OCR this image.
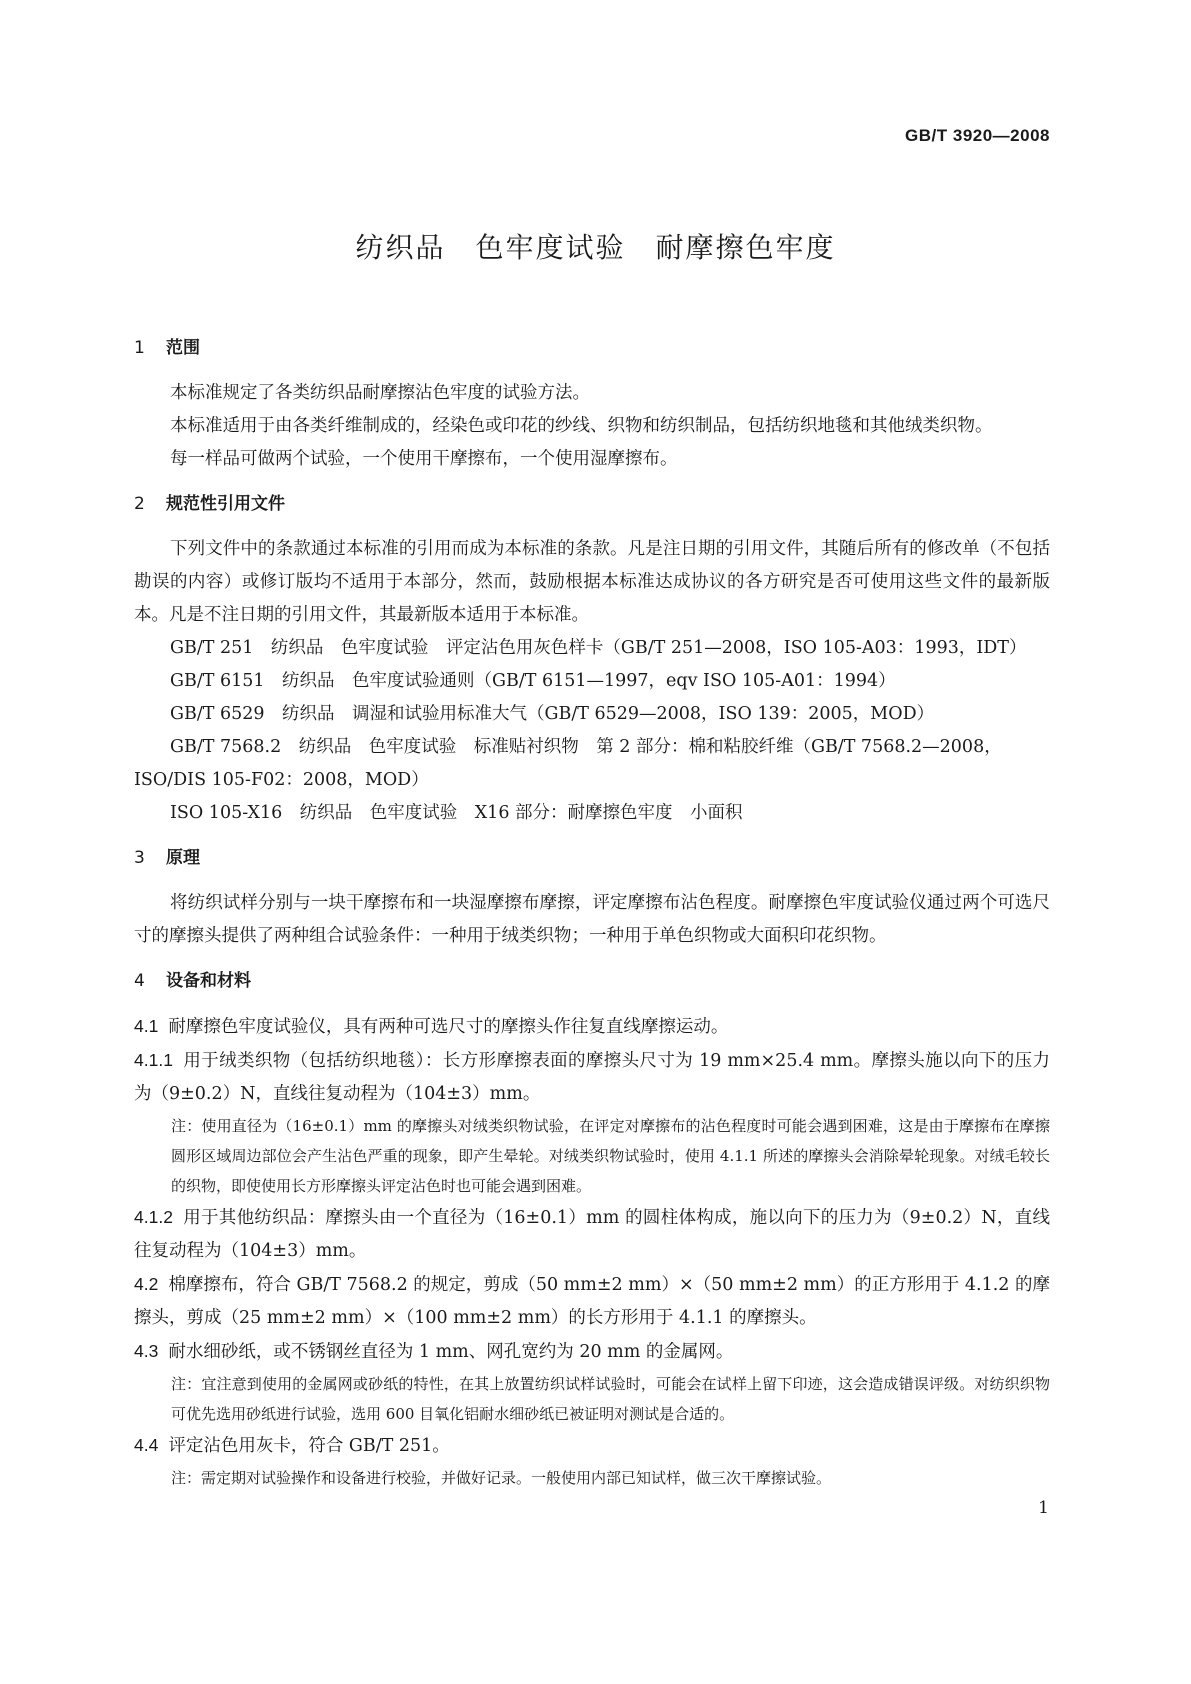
GB/T 3920—2008
纺织品　色牢度试验　耐摩擦色牢度
1 范围

本标准规定了各类纺织品耐摩擦沾色牢度的试验方法。

本标准适用于由各类纤维制成的，经染色或印花的纱线、织物和纺织制品，包括纺织地毯和其他绒类织物。

每一样品可做两个试验，一个使用干摩擦布，一个使用湿摩擦布。

2 规范性引用文件

下列文件中的条款通过本标准的引用而成为本标准的条款。凡是注日期的引用文件，其随后所有的修改单（不包括勘误的内容）或修订版均不适用于本部分，然而，鼓励根据本标准达成协议的各方研究是否可使用这些文件的最新版本。凡是不注日期的引用文件，其最新版本适用于本标准。

GB/T 251　纺织品　色牢度试验　评定沾色用灰色样卡（GB/T 251—2008，ISO 105-A03：1993，IDT）

GB/T 6151　纺织品　色牢度试验通则（GB/T 6151—1997，eqv ISO 105-A01：1994）

GB/T 6529　纺织品　调湿和试验用标准大气（GB/T 6529—2008，ISO 139：2005，MOD）

GB/T 7568.2　纺织品　色牢度试验　标准贴衬织物　第 2 部分：棉和粘胶纤维（GB/T 7568.2—2008，ISO/DIS 105-F02：2008，MOD）

ISO 105-X16　纺织品　色牢度试验　X16 部分：耐摩擦色牢度　小面积

3 原理

将纺织试样分别与一块干摩擦布和一块湿摩擦布摩擦，评定摩擦布沾色程度。耐摩擦色牢度试验仪通过两个可选尺寸的摩擦头提供了两种组合试验条件：一种用于绒类织物；一种用于单色织物或大面积印花织物。

4 设备和材料

4.1 耐摩擦色牢度试验仪，具有两种可选尺寸的摩擦头作往复直线摩擦运动。

4.1.1 用于绒类织物（包括纺织地毯）：长方形摩擦表面的摩擦头尺寸为 19 mm×25.4 mm。摩擦头施以向下的压力为（9±0.2）N，直线往复动程为（104±3）mm。

注：使用直径为（16±0.1）mm 的摩擦头对绒类织物试验，在评定对摩擦布的沾色程度时可能会遇到困难，这是由于摩擦布在摩擦圆形区域周边部位会产生沾色严重的现象，即产生晕轮。对绒类织物试验时，使用 4.1.1 所述的摩擦头会消除晕轮现象。对绒毛较长的织物，即使使用长方形摩擦头评定沾色时也可能会遇到困难。

4.1.2 用于其他纺织品：摩擦头由一个直径为（16±0.1）mm 的圆柱体构成，施以向下的压力为（9±0.2）N，直线往复动程为（104±3）mm。

4.2 棉摩擦布，符合 GB/T 7568.2 的规定，剪成（50 mm±2 mm）×（50 mm±2 mm）的正方形用于 4.1.2 的摩擦头，剪成（25 mm±2 mm）×（100 mm±2 mm）的长方形用于 4.1.1 的摩擦头。

4.3 耐水细砂纸，或不锈钢丝直径为 1 mm、网孔宽约为 20 mm 的金属网。

注：宜注意到使用的金属网或砂纸的特性，在其上放置纺织试样试验时，可能会在试样上留下印迹，这会造成错误评级。对纺织织物可优先选用砂纸进行试验，选用 600 目氧化铝耐水细砂纸已被证明对测试是合适的。

4.4 评定沾色用灰卡，符合 GB/T 251。

注：需定期对试验操作和设备进行校验，并做好记录。一般使用内部已知试样，做三次干摩擦试验。

1
